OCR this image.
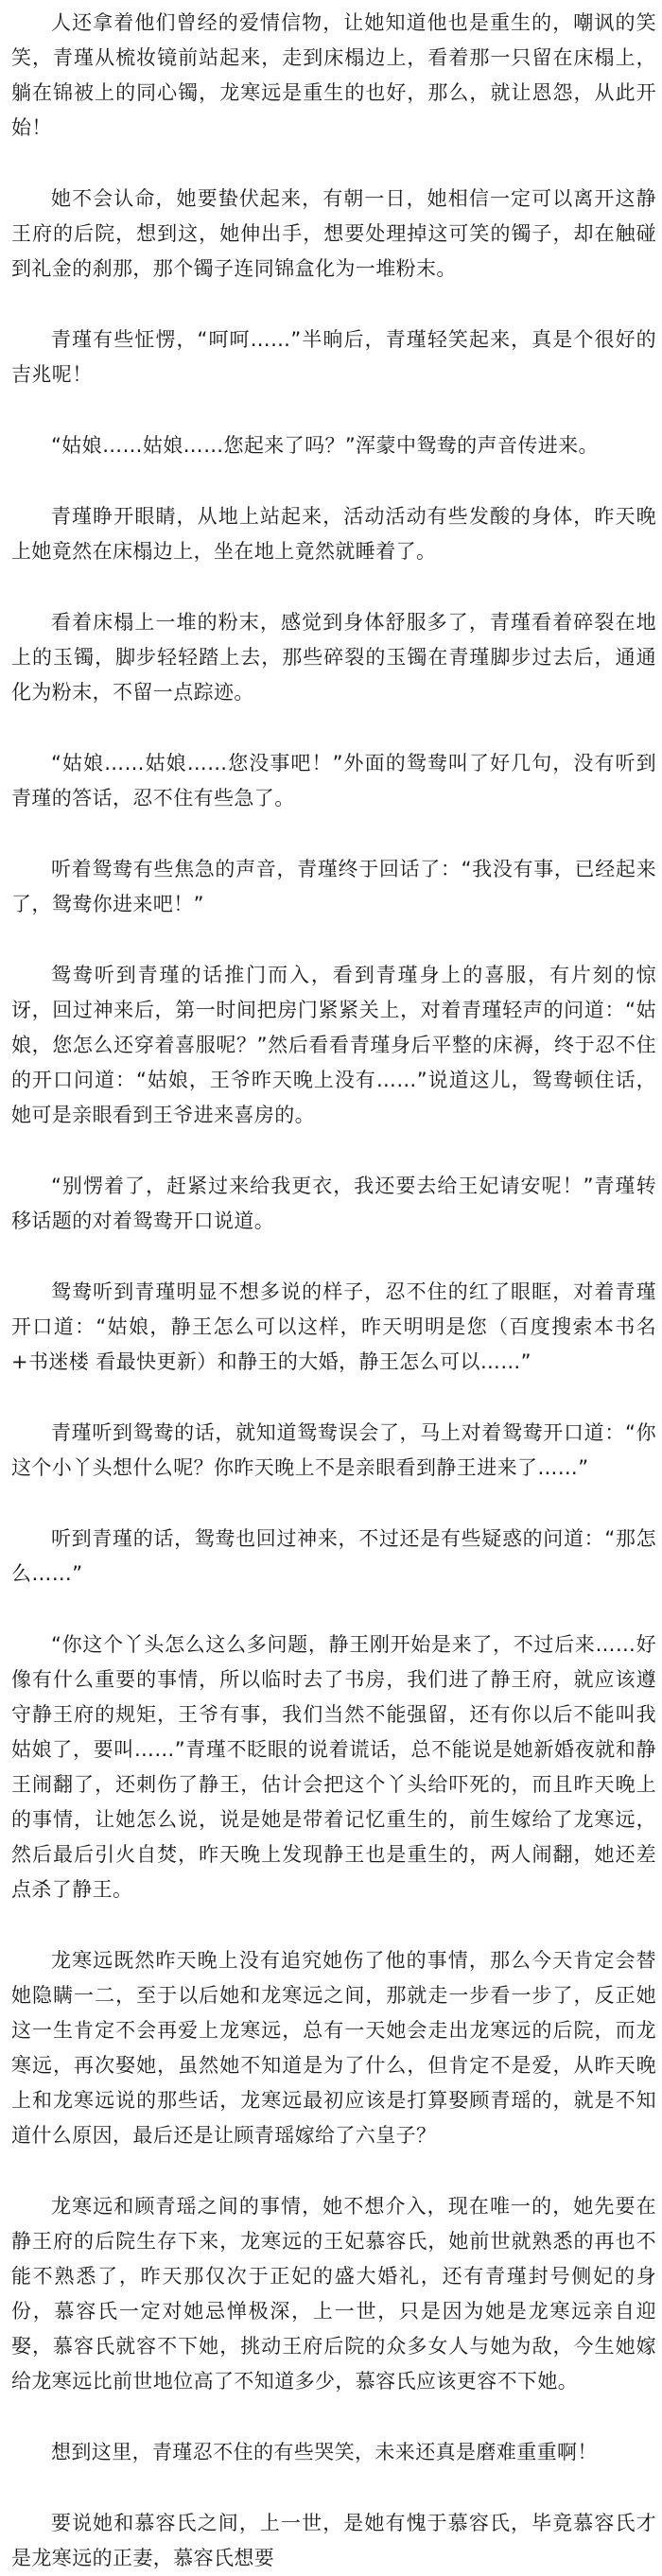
人还拿着他们曾经的爱情信物，让她知道他也是重生的，嘲讽的笑笑，青瑾从梳妆镜前站起来，走到床榻边上，看着那一只留在床榻上，躺在锦被上的同心镯，龙寒远是重生的也好，那么，就让恩怨，从此开始！

她不会认命，她要蛰伏起来，有朝一日，她相信一定可以离开这静王府的后院，想到这，她伸出手，想要处理掉这可笑的镯子，却在触碰到礼金的刹那，那个镯子连同锦盒化为一堆粉末。

青瑾有些怔愣，“呵呵……”半晌后，青瑾轻笑起来，真是个很好的吉兆呢！

“姑娘……姑娘……您起来了吗？”浑蒙中鸳鸯的声音传进来。

青瑾睁开眼睛，从地上站起来，活动活动有些发酸的身体，昨天晚上她竟然在床榻边上，坐在地上竟然就睡着了。

看着床榻上一堆的粉末，感觉到身体舒服多了，青瑾看着碎裂在地上的玉镯，脚步轻轻踏上去，那些碎裂的玉镯在青瑾脚步过去后，通通化为粉末，不留一点踪迹。

“姑娘……姑娘……您没事吧！”外面的鸳鸯叫了好几句，没有听到青瑾的答话，忍不住有些急了。

听着鸳鸯有些焦急的声音，青瑾终于回话了：“我没有事，已经起来了，鸳鸯你进来吧！”

鸳鸯听到青瑾的话推门而入，看到青瑾身上的喜服，有片刻的惊讶，回过神来后，第一时间把房门紧紧关上，对着青瑾轻声的问道：“姑娘，您怎么还穿着喜服呢？”然后看看青瑾身后平整的床褥，终于忍不住的开口问道：“姑娘，王爷昨天晚上没有……”说道这儿，鸳鸯顿住话，她可是亲眼看到王爷进来喜房的。

“别愣着了，赶紧过来给我更衣，我还要去给王妃请安呢！”青瑾转移话题的对着鸳鸯开口说道。

鸳鸯听到青瑾明显不想多说的样子，忍不住的红了眼眶，对着青瑾开口道：“姑娘，静王怎么可以这样，昨天明明是您（百度搜索本书名+书迷楼 看最快更新）和静王的大婚，静王怎么可以……”

青瑾听到鸳鸯的话，就知道鸳鸯误会了，马上对着鸳鸯开口道：“你这个小丫头想什么呢？你昨天晚上不是亲眼看到静王进来了……”

听到青瑾的话，鸳鸯也回过神来，不过还是有些疑惑的问道：“那怎么……”

“你这个丫头怎么这么多问题，静王刚开始是来了，不过后来……好像有什么重要的事情，所以临时去了书房，我们进了静王府，就应该遵守静王府的规矩，王爷有事，我们当然不能强留，还有你以后不能叫我姑娘了，要叫……”青瑾不眨眼的说着谎话，总不能说是她新婚夜就和静王闹翻了，还刺伤了静王，估计会把这个丫头给吓死的，而且昨天晚上的事情，让她怎么说，说是她是带着记忆重生的，前生嫁给了龙寒远，然后最后引火自焚，昨天晚上发现静王也是重生的，两人闹翻，她还差点杀了静王。

龙寒远既然昨天晚上没有追究她伤了他的事情，那么今天肯定会替她隐瞒一二，至于以后她和龙寒远之间，那就走一步看一步了，反正她这一生肯定不会再爱上龙寒远，总有一天她会走出龙寒远的后院，而龙寒远，再次娶她，虽然她不知道是为了什么，但肯定不是爱，从昨天晚上和龙寒远说的那些话，龙寒远最初应该是打算娶顾青瑶的，就是不知道什么原因，最后还是让顾青瑶嫁给了六皇子？

龙寒远和顾青瑶之间的事情，她不想介入，现在唯一的，她先要在静王府的后院生存下来，龙寒远的王妃慕容氏，她前世就熟悉的再也不能不熟悉了，昨天那仅次于正妃的盛大婚礼，还有青瑾封号侧妃的身份，慕容氏一定对她忌惮极深，上一世，只是因为她是龙寒远亲自迎娶，慕容氏就容不下她，挑动王府后院的众多女人与她为敌，今生她嫁给龙寒远比前世地位高了不知道多少，慕容氏应该更容不下她。

想到这里，青瑾忍不住的有些哭笑，未来还真是磨难重重啊！

要说她和慕容氏之间，上一世，是她有愧于慕容氏，毕竟慕容氏才是龙寒远的正妻，慕容氏想要
